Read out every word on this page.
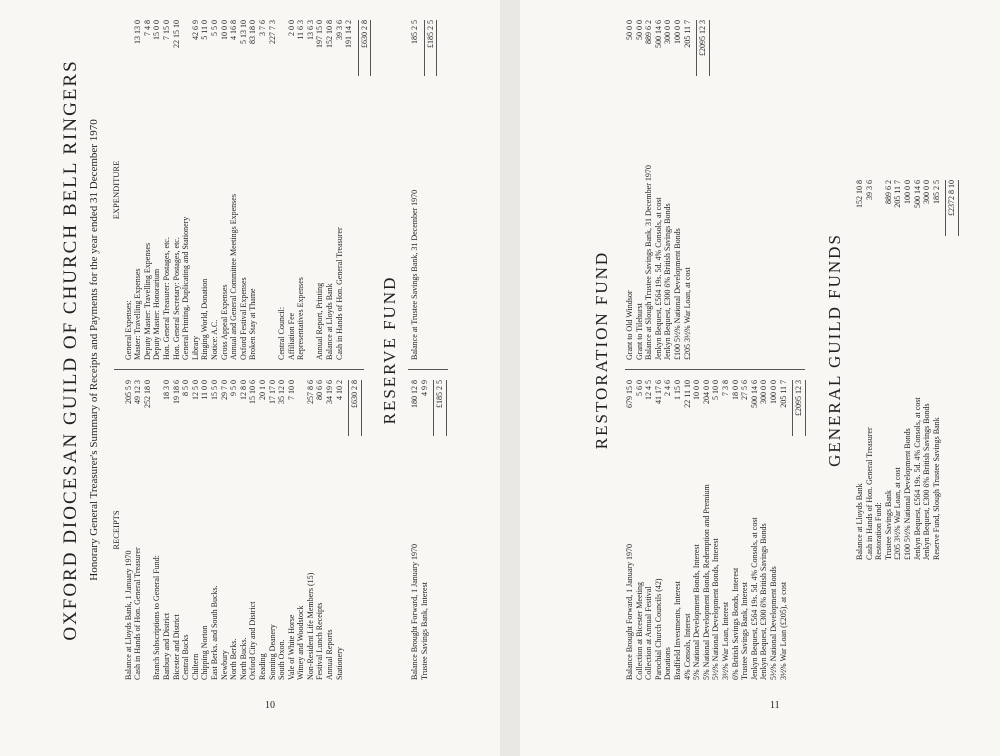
OXFORD DIOCESAN GUILD OF CHURCH BELL RINGERS Honorary General Treasurer's Summary of Receipts and Payments for the year ended 31 December 1970 RECEIPTS
Balance at Lloyds Bank, 1 January 1970
205 5 9
Cash in Hands of Hon. General Treasurer
49 12 3 252 18 0
Branch Subscriptions to General Fund: Banbury and District
18 3 0
Bicester and District
19 18 6
Central Bucks
8 5 0
Chiltern
12 5 0
Chipping Norton
11 0 0
East Berks. and South Bucks.
15 5 0
Newbury
29 7 0
North Berks.
9 5 0
North Bucks.
12 8 0
Oxford City and District
15 10 6
Reading
20 1 0
Sonning Deanery
17 17 0
South Oxon.
35 12 0
Vale of White Horse
7 10 0
Witney and Woodstock Non-Resident Life Members (15)
257 8 6
Festival Lunch Receipts
80 6 6
Annual Reports
34 19 6
Stationery
4 10 2 £630 2 8
EXPENDITURE
General Expenses: Master: Travelling Expenses
13 13 0
Deputy Master: Travelling Expenses
7 4 8
Deputy Master: Honorarium
15 0 0
Hon. General Treasurer: Postages, etc.
7 15 0
Hon. General Secretary: Postages, etc.
22 15 10
General Printing, Duplicating and Stationery Library
42 6 9
Ringing World, Donation
5 11 0
Notice: A.C.
5 5 0
Gross Appeal Expenses
10 0 0
Annual and General Committee Meetings Expenses
4 16 8
Oxford Festival Expenses
5 13 10
Broken Stay at Thame
83 18 0 3 7 6 227 7 3
Central Council: Affiliation Fee
2 0 0
Representatives Expenses
11 6 3 13 6 3
Annual Report, Printing
197 15 0
Balance at Lloyds Bank
152 10 8
Cash in Hands of Hon. General Treasurer
39 3 6 191 14 2 £630 2 8
RESERVE FUND
Balance Brought Forward, 1 January 1970
180 12 8
Trustee Savings Bank, Interest
4 9 9 £185 2 5
Balance at Trustee Savings Bank, 31 December 1970
185 2 5 £185 2 5
10
RESTORATION FUND
Balance Brought Forward, 1 January 1970
679 15 0
Collection at Bicester Meeting
5 6 0
Collection at Annual Festival
12 4 5
Parochial Church Councils (42)
41 17 6
Donations
2 4 6
Bradfield Investments, Interest
1 15 0
4% Consols, Interest
22 11 10
5% National Development Bonds, Interest
10 0 0
5% National Development Bonds, Redemption and Premium
204 0 0
5½% National Development Bonds, Interest
5 10 0
3½% War Loan, Interest
7 3 8
6% British Savings Bonds, Interest
18 0 0
Trustee Savings Bank, Interest
27 5 6
Jenkyn Bequest, £564 19s. 5d. 4% Consols, at cost
500 14 6
Jenkyn Bequest, £300 6% British Savings Bonds
300 0 0
5½% National Development Bonds
100 0 0
3½% War Loan (£205), at cost
205 11 7 £2095 12 3
Grant to Old Windsor
50 0 0
Grant to Tilehurst
50 0 0
Balance at Slough Trustee Savings Bank, 31 December 1970
889 6 2
Jenkyn Bequest, £564 19s. 5d. 4% Consols, at cost
500 14 6
Jenkyn Bequest, £300 6% British Savings Bonds
300 0 0
£100 5½% National Development Bonds
100 0 0
£205 3½% War Loan, at cost
205 11 7 £2095 12 3
GENERAL GUILD FUNDS
Balance at Lloyds Bank
152 10 8
Cash in Hands of Hon. General Treasurer
39 3 6
Restoration Fund: Trustee Savings Bank
889 6 2
£205 3½% War Loan, at cost
205 11 7
£100 5½% National Development Bonds
100 0 0
Jenkyn Bequest, £564 19s. 5d. 4% Consols, at cost
500 14 6
Jenkyn Bequest, £300 6% British Savings Bonds
300 0 0
Reserve Fund, Slough Trustee Savings Bank
185 2 5 £2372 8 10
11
